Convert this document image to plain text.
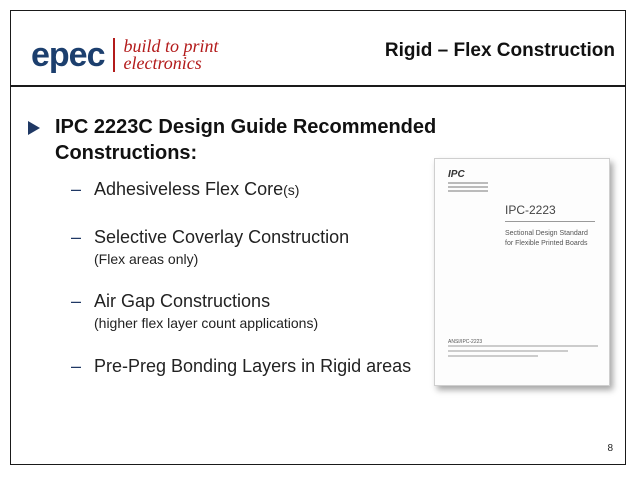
epec build to print
electronics
Rigid – Flex Construction
IPC 2223C Design Guide Recommended Constructions:
– Adhesiveless Flex Core(s)
– Selective Coverlay Construction
(Flex areas only)
– Air Gap Constructions
(higher flex layer count applications)
– Pre-Preg Bonding Layers in Rigid areas
IPC
IPC-2223
Sectional Design Standard
for Flexible Printed Boards
ANSI/IPC-2223
8
